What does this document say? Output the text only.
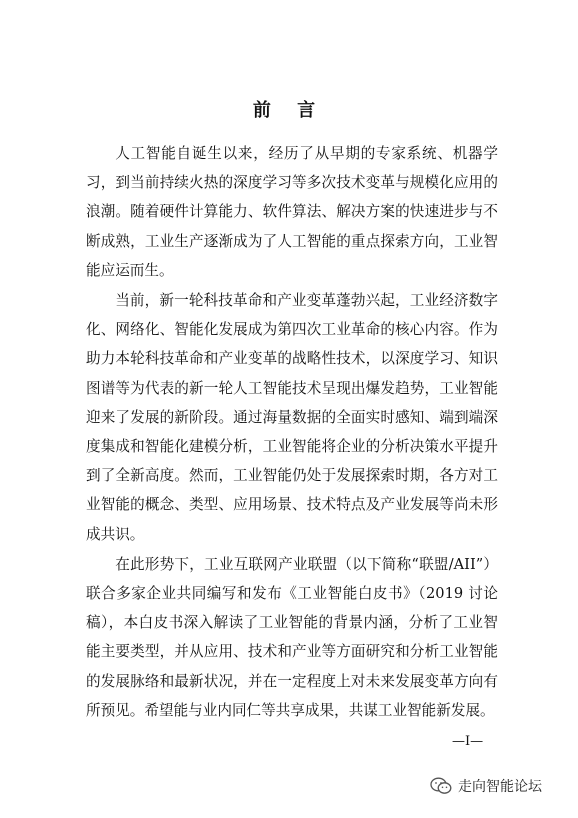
前 言

人工智能自诞生以来，经历了从早期的专家系统、机器学习，到当前持续火热的深度学习等多次技术变革与规模化应用的浪潮。随着硬件计算能力、软件算法、解决方案的快速进步与不断成熟，工业生产逐渐成为了人工智能的重点探索方向，工业智能应运而生。

当前，新一轮科技革命和产业变革蓬勃兴起，工业经济数字化、网络化、智能化发展成为第四次工业革命的核心内容。作为助力本轮科技革命和产业变革的战略性技术，以深度学习、知识图谱等为代表的新一轮人工智能技术呈现出爆发趋势，工业智能迎来了发展的新阶段。通过海量数据的全面实时感知、端到端深度集成和智能化建模分析，工业智能将企业的分析决策水平提升到了全新高度。然而，工业智能仍处于发展探索时期，各方对工业智能的概念、类型、应用场景、技术特点及产业发展等尚未形成共识。

在此形势下，工业互联网产业联盟（以下简称“联盟/AII”）联合多家企业共同编写和发布《工业智能白皮书》（2019 讨论稿），本白皮书深入解读了工业智能的背景内涵，分析了工业智能主要类型，并从应用、技术和产业等方面研究和分析工业智能的发展脉络和最新状况，并在一定程度上对未来发展变革方向有所预见。希望能与业内同仁等共享成果，共谋工业智能新发展。

—I—
走向智能论坛
